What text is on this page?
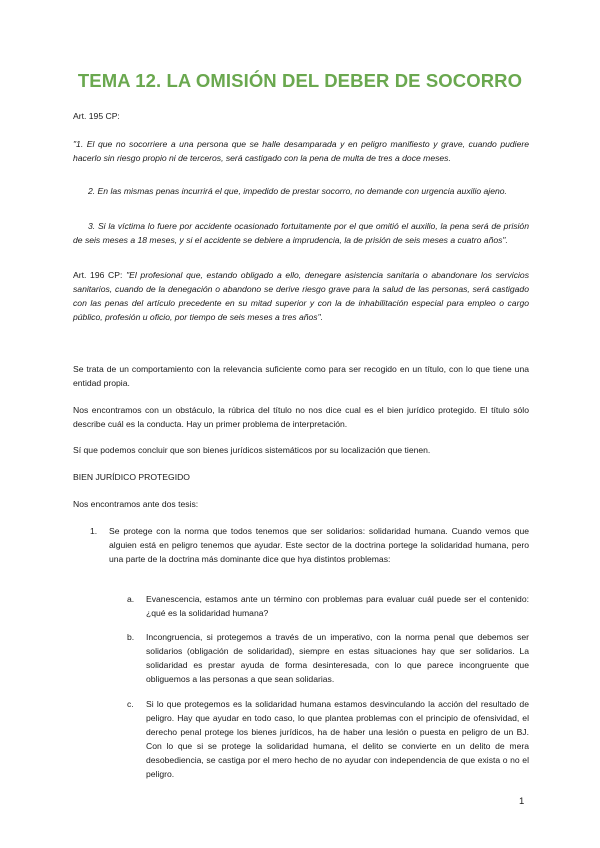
TEMA 12. LA OMISIÓN DEL DEBER DE SOCORRO

Art. 195 CP:

"1. El que no socorriere a una persona que se halle desamparada y en peligro manifiesto y grave, cuando pudiere hacerlo sin riesgo propio ni de terceros, será castigado con la pena de multa de tres a doce meses.

2. En las mismas penas incurrirá el que, impedido de prestar socorro, no demande con urgencia auxilio ajeno.

3. Si la víctima lo fuere por accidente ocasionado fortuitamente por el que omitió el auxilio, la pena será de prisión de seis meses a 18 meses, y si el accidente se debiere a imprudencia, la de prisión de seis meses a cuatro años".

Art. 196 CP: "El profesional que, estando obligado a ello, denegare asistencia sanitaria o abandonare los servicios sanitarios, cuando de la denegación o abandono se derive riesgo grave para la salud de las personas, será castigado con las penas del artículo precedente en su mitad superior y con la de inhabilitación especial para empleo o cargo público, profesión u oficio, por tiempo de seis meses a tres años".

Se trata de un comportamiento con la relevancia suficiente como para ser recogido en un título, con lo que tiene una entidad propia.

Nos encontramos con un obstáculo, la rúbrica del título no nos dice cual es el bien jurídico protegido. El título sólo describe cuál es la conducta. Hay un primer problema de interpretación.

Sí que podemos concluir que son bienes jurídicos sistemáticos por su localización que tienen.

BIEN JURÍDICO PROTEGIDO

Nos encontramos ante dos tesis:

1. Se protege con la norma que todos tenemos que ser solidarios: solidaridad humana. Cuando vemos que alguien está en peligro tenemos que ayudar. Este sector de la doctrina portege la solidaridad humana, pero una parte de la doctrina más dominante dice que hya distintos problemas:

a. Evanescencia, estamos ante un término con problemas para evaluar cuál puede ser el contenido: ¿qué es la solidaridad humana?

b. Incongruencia, si protegemos a través de un imperativo, con la norma penal que debemos ser solidarios (obligación de solidaridad), siempre en estas situaciones hay que ser solidarios. La solidaridad es prestar ayuda de forma desinteresada, con lo que parece incongruente que obliguemos a las personas a que sean solidarias.

c. Si lo que protegemos es la solidaridad humana estamos desvinculando la acción del resultado de peligro. Hay que ayudar en todo caso, lo que plantea problemas con el principio de ofensividad, el derecho penal protege los bienes jurídicos, ha de haber una lesión o puesta en peligro de un BJ. Con lo que si se protege la solidaridad humana, el delito se convierte en un delito de mera desobediencia, se castiga por el mero hecho de no ayudar con independencia de que exista o no el peligro.

1
